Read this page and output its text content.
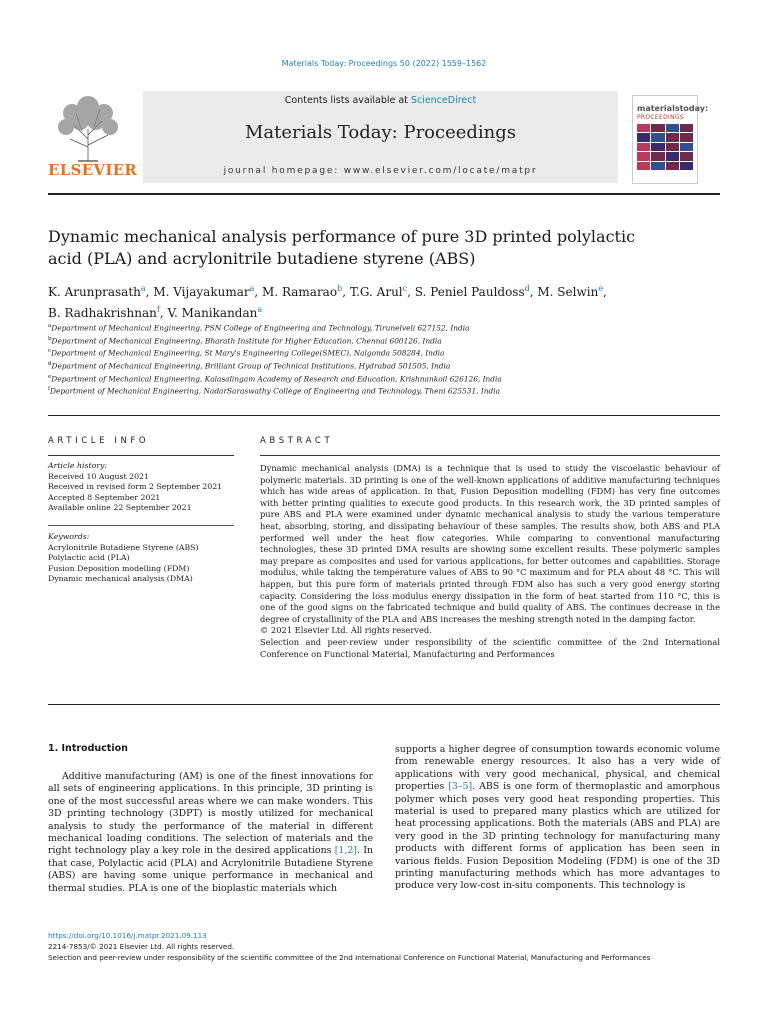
Materials Today: Proceedings 50 (2022) 1559–1562
ELSEVIER
Contents lists available at ScienceDirect
Materials Today: Proceedings
journal homepage: www.elsevier.com/locate/matpr
materialstoday:
PROCEEDINGS
Dynamic mechanical analysis performance of pure 3D printed polylactic
acid (PLA) and acrylonitrile butadiene styrene (ABS)
K. Arunprasath$^a$, M. Vijayakumar$^a$, M. Ramarao$^b$, T.G. Arul$^c$, S. Peniel Pauldoss$^d$, M. Selwin$^e$,
B. Radhakrishnan$^f$, V. Manikandan$^a$
$^a$Department of Mechanical Engineering, PSN College of Engineering and Technology, Tirunelveli 627152, India
$^b$Department of Mechanical Engineering, Bharath Institute for Higher Education, Chennai 600126, India
$^c$Department of Mechanical Engineering, St Mary's Engineering College(SMEC), Nalgonda 508284, India
$^d$Department of Mechanical Engineering, Brilliant Group of Technical Institutions, Hydrabad 501505, India
$^e$Department of Mechanical Engineering, Kalasalingam Academy of Research and Education, Krishnankoil 626126, India
$^f$Department of Mechanical Engineering, NadarSaraswathy College of Engineering and Technology, Theni 625531, India
ARTICLE INFO	ABSTRACT
Article history:
Received 10 August 2021
Received in revised form 2 September 2021
Accepted 8 September 2021
Available online 22 September 2021
Keywords:
Acrylonitrile Butadiene Styrene (ABS)
Polylactic acid (PLA)
Fusion Deposition modelling (FDM)
Dynamic mechanical analysis (DMA)

Dynamic mechanical analysis (DMA) is a technique that is used to study the viscoelastic behaviour of polymeric materials. 3D printing is one of the well-known applications of additive manufacturing techniques which has wide areas of application. In that, Fusion Deposition modelling (FDM) has very fine outcomes with better printing qualities to execute good products. In this research work, the 3D printed samples of pure ABS and PLA were examined under dynamic mechanical analysis to study the various temperature heat, absorbing, storing, and dissipating behaviour of these samples. The results show, both ABS and PLA performed well under the heat flow categories. While comparing to conventional manufacturing technologies, these 3D printed DMA results are showing some excellent results. These polymeric samples may prepare as composites and used for various applications, for better outcomes and capabilities. Storage modulus, while taking the temperature values of ABS to 90 °C maximum and for PLA about 48 °C. This will happen, but this pure form of materials printed through FDM also has such a very good energy storing capacity. Considering the loss modulus energy dissipation in the form of heat started from 110 °C, this is one of the good signs on the fabricated technique and build quality of ABS. The continues decrease in the degree of crystallinity of the PLA and ABS increases the meshing strength noted in the damping factor.

© 2021 Elsevier Ltd. All rights reserved.

Selection and peer-review under responsibility of the scientific committee of the 2nd International Conference on Functional Material, Manufacturing and Performances

1. Introduction

Additive manufacturing (AM) is one of the finest innovations for all sets of engineering applications. In this principle, 3D printing is one of the most successful areas where we can make wonders. This 3D printing technology (3DPT) is mostly utilized for mechanical analysis to study the performance of the material in different mechanical loading conditions. The selection of materials and the right technology play a key role in the desired applications [1,2]. In that case, Polylactic acid (PLA) and Acrylonitrile Butadiene Styrene (ABS) are having some unique performance in mechanical and thermal studies. PLA is one of the bioplastic materials which

supports a higher degree of consumption towards economic volume from renewable energy resources. It also has a very wide of applications with very good mechanical, physical, and chemical properties [3–5]. ABS is one form of thermoplastic and amorphous polymer which poses very good heat responding properties. This material is used to prepared many plastics which are utilized for heat processing applications. Both the materials (ABS and PLA) are very good in the 3D printing technology for manufacturing many products with different forms of application has been seen in various fields. Fusion Deposition Modeling (FDM) is one of the 3D printing manufacturing methods which has more advantages to produce very low-cost in-situ components. This technology is

https://doi.org/10.1016/j.matpr.2021.09.113
2214-7853/© 2021 Elsevier Ltd. All rights reserved.
Selection and peer-review under responsibility of the scientific committee of the 2nd International Conference on Functional Material, Manufacturing and Performances
